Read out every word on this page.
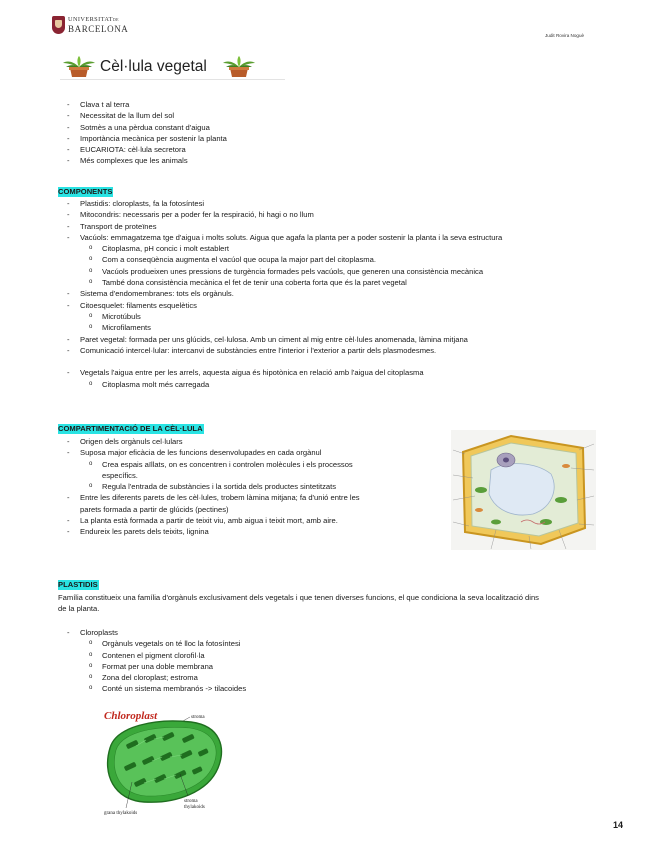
UNIVERSITATDE
BARCELONA
Judit Rovira Noguè
Cèl·lula vegetal
- Clava t al terra
- Necessitat de la llum del sol
- Sotmès a una pèrdua constant d'aigua
- Importància mecànica per sostenir la planta
- EUCARIOTA: cèl·lula secretora
- Més complexes que les animals
COMPONENTS
- Plastidis: cloroplasts, fa la fotosíntesi
- Mitocondris: necessaris per a poder fer la respiració, hi hagi o no llum
- Transport de proteïnes
- Vacúols: emmagatzema tge d'aigua i molts soluts. Aigua que agafa la planta per a poder sostenir la planta i la seva estructura
o Citoplasma, pH concic i molt establert
o Com a conseqüència augmenta el vacúol que ocupa la major part del citoplasma.
o Vacúols produeixen unes pressions de turgència formades pels vacúols, que generen una consistència mecànica
o També dona consistència mecànica el fet de tenir una coberta forta que és la paret vegetal
- Sistema d'endomembranes: tots els orgànuls.
- Citoesquelet: filaments esquelètics
o Microtúbuls
o Microfilaments
- Paret vegetal: formada per uns glúcids, cel·lulosa. Amb un ciment al mig entre cèl·lules anomenada, làmina mitjana
- Comunicació intercel·lular: intercanvi de substàncies entre l'interior i l'exterior a partir dels plasmodesmes.
- Vegetals l'aigua entre per les arrels, aquesta aigua és hipotònica en relació amb l'aigua del citoplasma
o Citoplasma molt més carregada
COMPARTIMENTACIÓ DE LA CÈL·LULA
- Origen dels orgànuls cel·lulars
- Suposa major eficàcia de les funcions desenvolupades en cada orgànul
o Crea espais aïllats, on es concentren i controlen molècules i els processos
específics.
o Regula l'entrada de substàncies i la sortida dels productes sintetitzats
- Entre les diferents parets de les cèl·lules, trobem làmina mitjana; fa d'unió entre les
parets formada a partir de glúcids (pectines)
- La planta està formada a partir de teixit viu, amb aigua i teixit mort, amb aire.
- Endureix les parets dels teixits, lignina
PLASTIDIS
Família constitueix una família d'orgànuls exclusivament dels vegetals i que tenen diverses funcions, el que condiciona la seva localització dins
de la planta.
- Cloroplasts
o Orgànuls vegetals on té lloc la fotosíntesi
o Contenen el pigment clorofil·la
o Format per una doble membrana
o Zona del cloroplast; estroma
o Conté un sistema membranós -> tilacoides
Chloroplast	stroma
stroma
thylakoids
grana thylakoids
14
